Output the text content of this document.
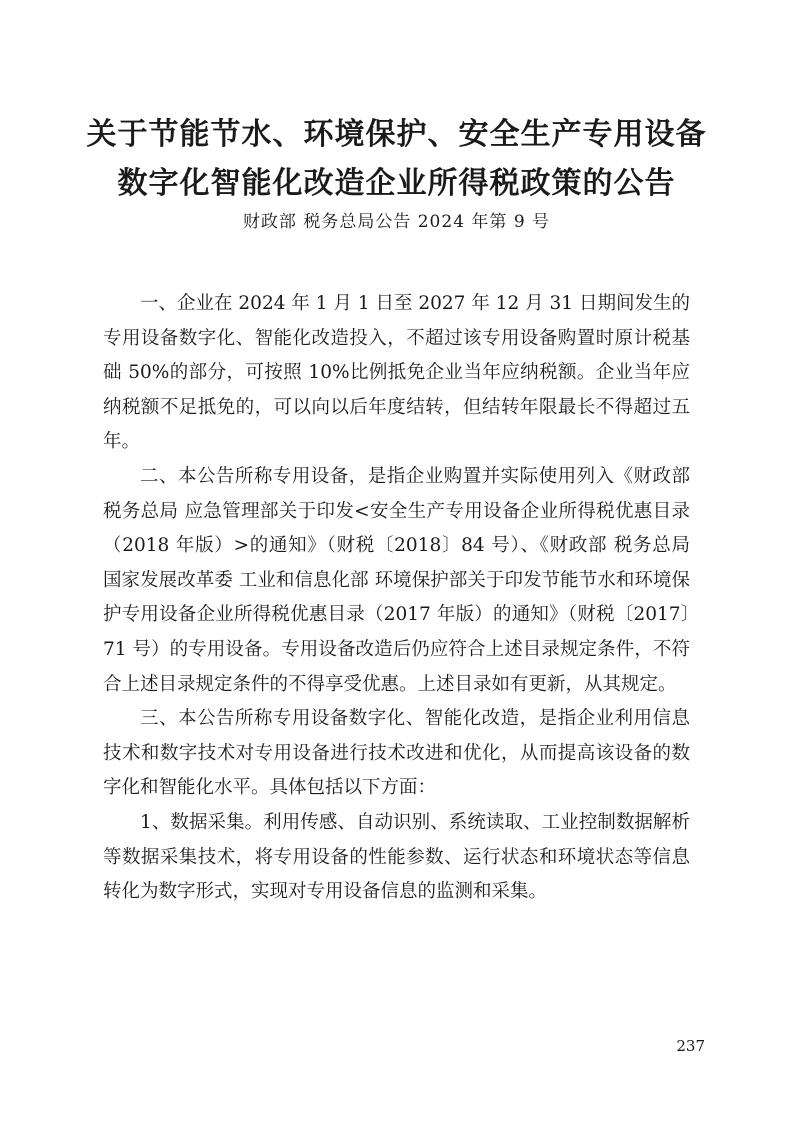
关于节能节水、环境保护、安全生产专用设备
数字化智能化改造企业所得税政策的公告

财政部 税务总局公告 2024 年第 9 号

一、企业在 2024 年 1 月 1 日至 2027 年 12 月 31 日期间发生的专用设备数字化、智能化改造投入，不超过该专用设备购置时原计税基础 50%的部分，可按照 10%比例抵免企业当年应纳税额。企业当年应纳税额不足抵免的，可以向以后年度结转，但结转年限最长不得超过五年。

二、本公告所称专用设备，是指企业购置并实际使用列入《财政部 税务总局 应急管理部关于印发<安全生产专用设备企业所得税优惠目录（2018 年版）>的通知》（财税〔2018〕84 号）、《财政部 税务总局 国家发展改革委 工业和信息化部 环境保护部关于印发节能节水和环境保护专用设备企业所得税优惠目录（2017 年版）的通知》（财税〔2017〕71 号）的专用设备。专用设备改造后仍应符合上述目录规定条件，不符合上述目录规定条件的不得享受优惠。上述目录如有更新，从其规定。

三、本公告所称专用设备数字化、智能化改造，是指企业利用信息技术和数字技术对专用设备进行技术改进和优化，从而提高该设备的数字化和智能化水平。具体包括以下方面：

1、数据采集。利用传感、自动识别、系统读取、工业控制数据解析等数据采集技术，将专用设备的性能参数、运行状态和环境状态等信息转化为数字形式，实现对专用设备信息的监测和采集。

237
